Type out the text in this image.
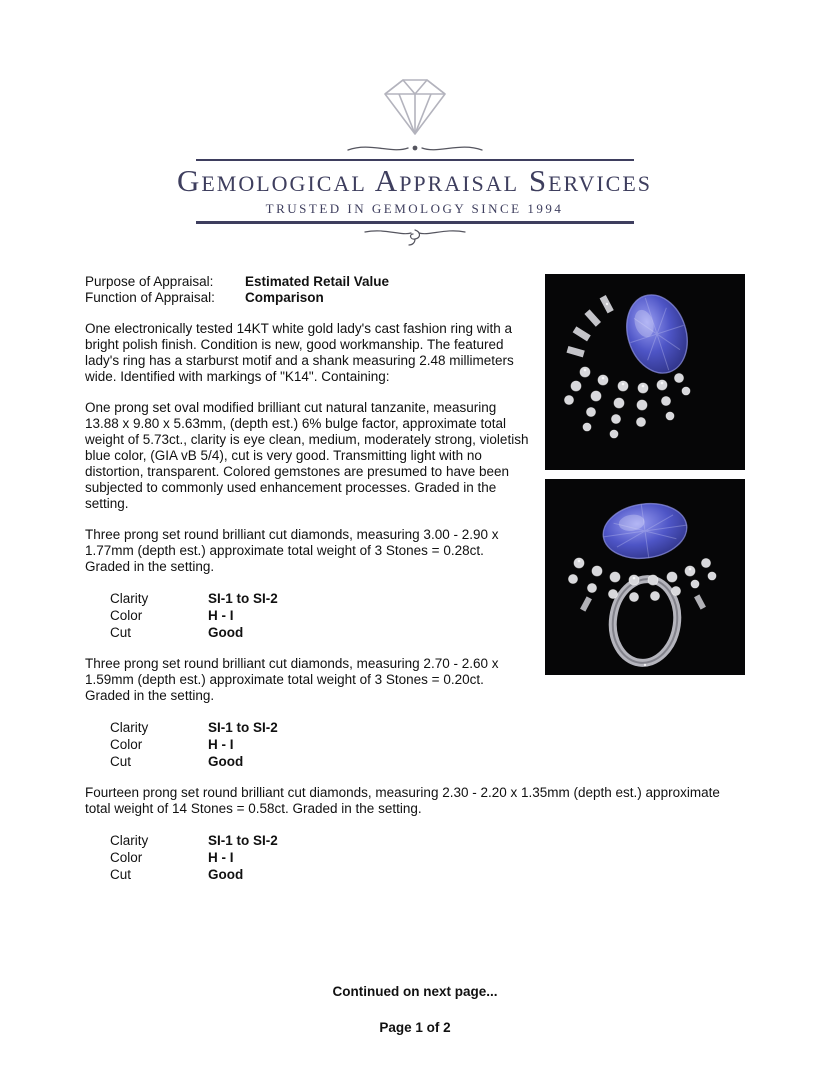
Gemological Appraisal Services
TRUSTED IN GEMOLOGY SINCE 1994
Purpose of Appraisal: Estimated Retail Value
Function of Appraisal: Comparison

One electronically tested 14KT white gold lady's cast fashion ring with a bright polish finish. Condition is new, good workmanship. The featured lady's ring has a starburst motif and a shank measuring 2.48 millimeters wide. Identified with markings of "K14". Containing:

One prong set oval modified brilliant cut natural tanzanite, measuring 13.88 x 9.80 x 5.63mm, (depth est.) 6% bulge factor, approximate total weight of 5.73ct., clarity is eye clean, medium, moderately strong, violetish blue color, (GIA vB 5/4), cut is very good. Transmitting light with no distortion, transparent. Colored gemstones are presumed to have been subjected to commonly used enhancement processes. Graded in the setting.

Three prong set round brilliant cut diamonds, measuring 3.00 - 2.90 x 1.77mm (depth est.) approximate total weight of 3 Stones = 0.28ct. Graded in the setting.

Clarity	SI-1 to SI-2
Color	H - I
Cut	Good

Three prong set round brilliant cut diamonds, measuring 2.70 - 2.60 x 1.59mm (depth est.) approximate total weight of 3 Stones = 0.20ct. Graded in the setting.

Clarity	SI-1 to SI-2
Color	H - I
Cut	Good

Fourteen prong set round brilliant cut diamonds, measuring 2.30 - 2.20 x 1.35mm (depth est.) approximate total weight of 14 Stones = 0.58ct. Graded in the setting.

Clarity	SI-1 to SI-2
Color	H - I
Cut	Good
Continued on next page...
Page 1 of 2
